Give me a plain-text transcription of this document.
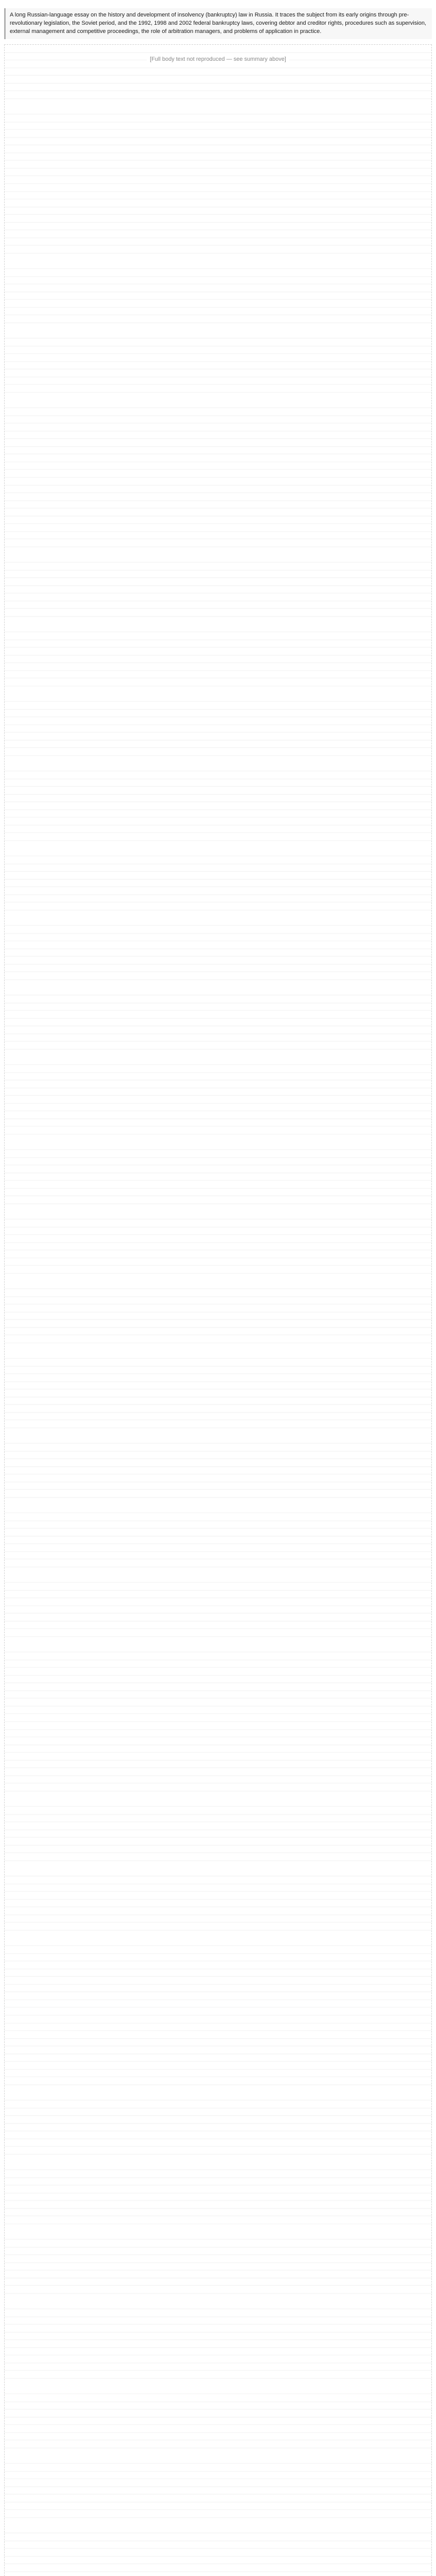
A long Russian-language essay on the history and development of insolvency (bankruptcy) law in Russia. It traces the subject from its early origins through pre-revolutionary legislation, the Soviet period, and the 1992, 1998 and 2002 federal bankruptcy laws, covering debtor and creditor rights, procedures such as supervision, external management and competitive proceedings, the role of arbitration managers, and problems of application in practice.
[Full body text not reproduced — see summary above]
